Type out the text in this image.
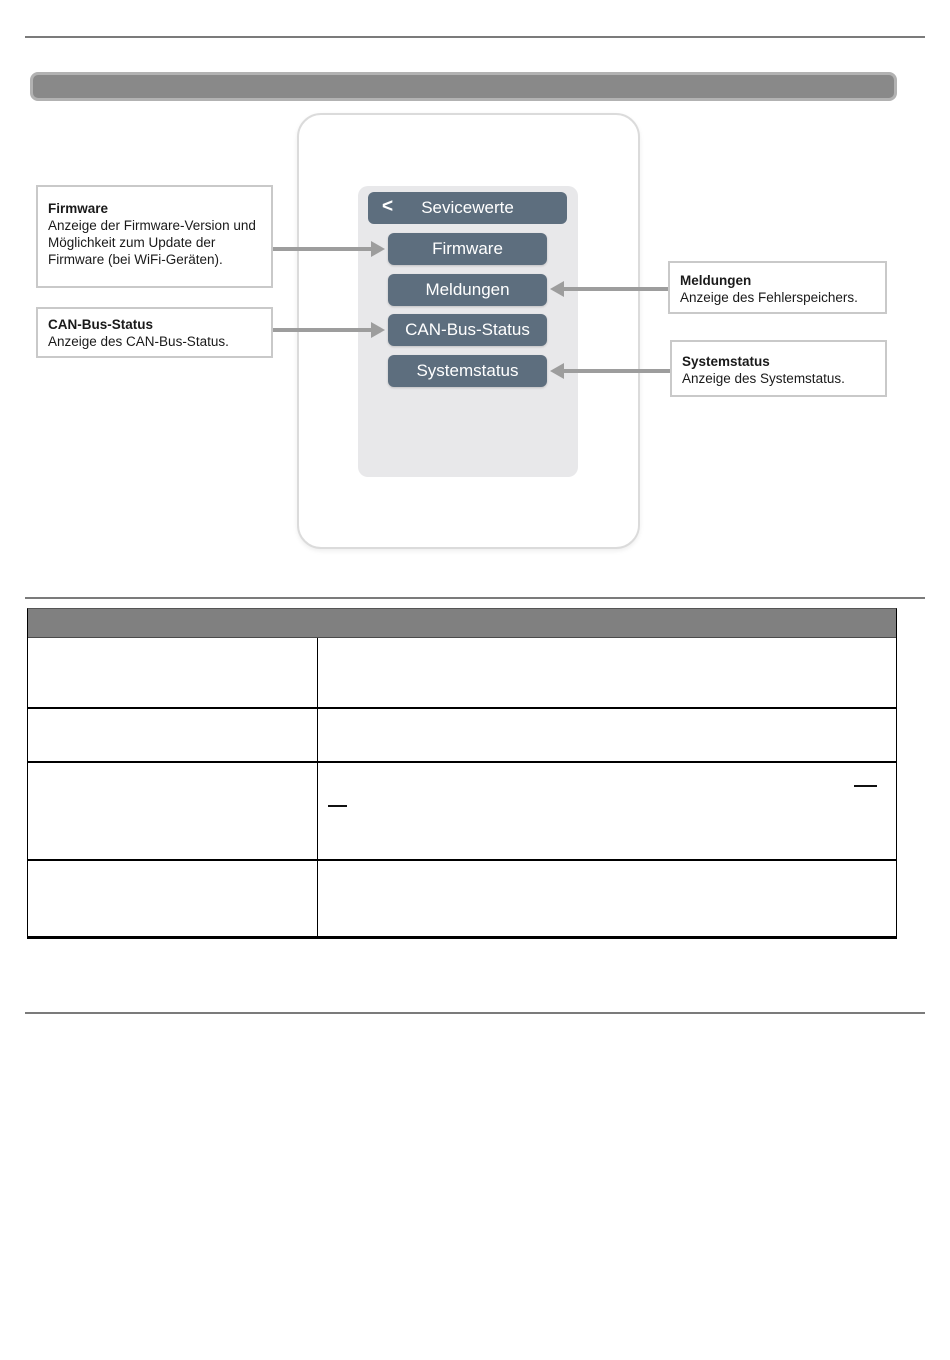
<	Sevicewerte
Firmware
Meldungen
CAN-Bus-Status
Systemstatus
Firmware
Anzeige der Firmware-Version und Möglichkeit zum Update der Firmware (bei WiFi-Geräten).
CAN-Bus-Status
Anzeige des CAN-Bus-Status.
Meldungen
Anzeige des Fehlerspeichers.
Systemstatus
Anzeige des Systemstatus.
